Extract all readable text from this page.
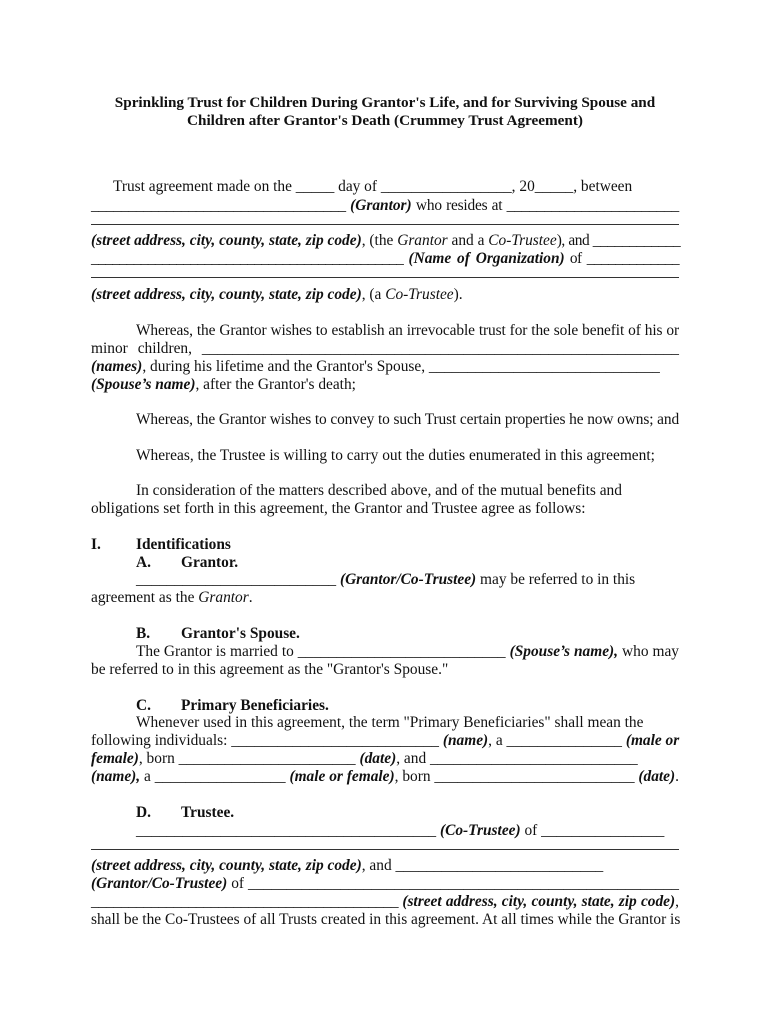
Sprinkling Trust for Children During Grantor's Life, and for Surviving Spouse and
Children after Grantor's Death (Crummey Trust Agreement)
Trust agreement made on the _____ day of _________________, 20_____, between
__________________________________ (Grantor) who resides at _______________________
(street address, city, county, state, zip code), (the Grantor and a Co-Trustee), and ____________
____________________________________________ (Name of Organization) of _____________
(street address, city, county, state, zip code), (a Co-Trustee).
Whereas, the Grantor wishes to establish an irrevocable trust for the sole benefit of his or
minor children, ______________________________________________________________
(names), during his lifetime and the Grantor's Spouse, ______________________________
(Spouse’s name), after the Grantor's death;
Whereas, the Grantor wishes to convey to such Trust certain properties he now owns; and
Whereas, the Trustee is willing to carry out the duties enumerated in this agreement;
In consideration of the matters described above, and of the mutual benefits and
obligations set forth in this agreement, the Grantor and Trustee agree as follows:
I. Identifications
A. Grantor.
__________________________ (Grantor/Co-Trustee) may be referred to in this
agreement as the Grantor.
B. Grantor's Spouse.
The Grantor is married to ___________________________ (Spouse’s name), who may
be referred to in this agreement as the "Grantor's Spouse."
C. Primary Beneficiaries.
Whenever used in this agreement, the term "Primary Beneficiaries" shall mean the
following individuals: ___________________________ (name), a _______________ (male or
female), born _______________________ (date), and ___________________________
(name), a _________________ (male or female), born __________________________ (date).
D. Trustee.
_______________________________________ (Co-Trustee) of ________________
(street address, city, county, state, zip code), and ___________________________
(Grantor/Co-Trustee) of ________________________________________________________
_________________________________________ (street address, city, county, state, zip code),
shall be the Co-Trustees of all Trusts created in this agreement. At all times while the Grantor is
